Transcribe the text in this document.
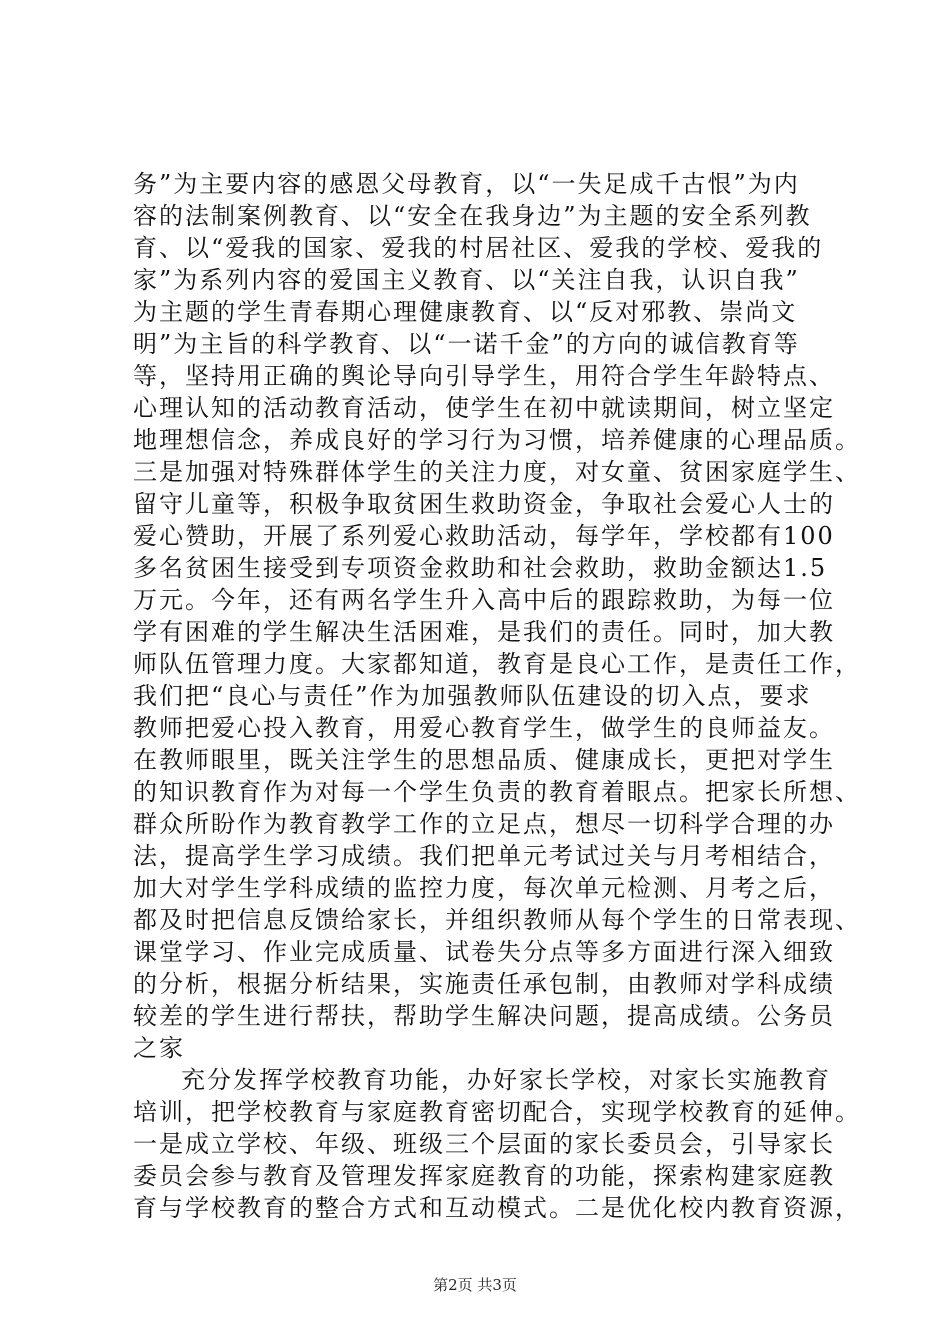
务”为主要内容的感恩父母教育，以“一失足成千古恨”为内
容的法制案例教育、以“安全在我身边”为主题的安全系列教
育、以“爱我的国家、爱我的村居社区、爱我的学校、爱我的
家”为系列内容的爱国主义教育、以“关注自我，认识自我”
为主题的学生青春期心理健康教育、以“反对邪教、崇尚文
明”为主旨的科学教育、以“一诺千金”的方向的诚信教育等
等，坚持用正确的舆论导向引导学生，用符合学生年龄特点、
心理认知的活动教育活动，使学生在初中就读期间，树立坚定
地理想信念，养成良好的学习行为习惯，培养健康的心理品质。
三是加强对特殊群体学生的关注力度，对女童、贫困家庭学生、
留守儿童等，积极争取贫困生救助资金，争取社会爱心人士的
爱心赞助，开展了系列爱心救助活动，每学年，学校都有100
多名贫困生接受到专项资金救助和社会救助，救助金额达1.5
万元。今年，还有两名学生升入高中后的跟踪救助，为每一位
学有困难的学生解决生活困难，是我们的责任。同时，加大教
师队伍管理力度。大家都知道，教育是良心工作，是责任工作，
我们把“良心与责任”作为加强教师队伍建设的切入点，要求
教师把爱心投入教育，用爱心教育学生，做学生的良师益友。
在教师眼里，既关注学生的思想品质、健康成长，更把对学生
的知识教育作为对每一个学生负责的教育着眼点。把家长所想、
群众所盼作为教育教学工作的立足点，想尽一切科学合理的办
法，提高学生学习成绩。我们把单元考试过关与月考相结合，
加大对学生学科成绩的监控力度，每次单元检测、月考之后，
都及时把信息反馈给家长，并组织教师从每个学生的日常表现、
课堂学习、作业完成质量、试卷失分点等多方面进行深入细致
的分析，根据分析结果，实施责任承包制，由教师对学科成绩
较差的学生进行帮扶，帮助学生解决问题，提高成绩。公务员
之家
充分发挥学校教育功能，办好家长学校，对家长实施教育
培训，把学校教育与家庭教育密切配合，实现学校教育的延伸。
一是成立学校、年级、班级三个层面的家长委员会，引导家长
委员会参与教育及管理发挥家庭教育的功能，探索构建家庭教
育与学校教育的整合方式和互动模式。二是优化校内教育资源，
第2页 共3页
